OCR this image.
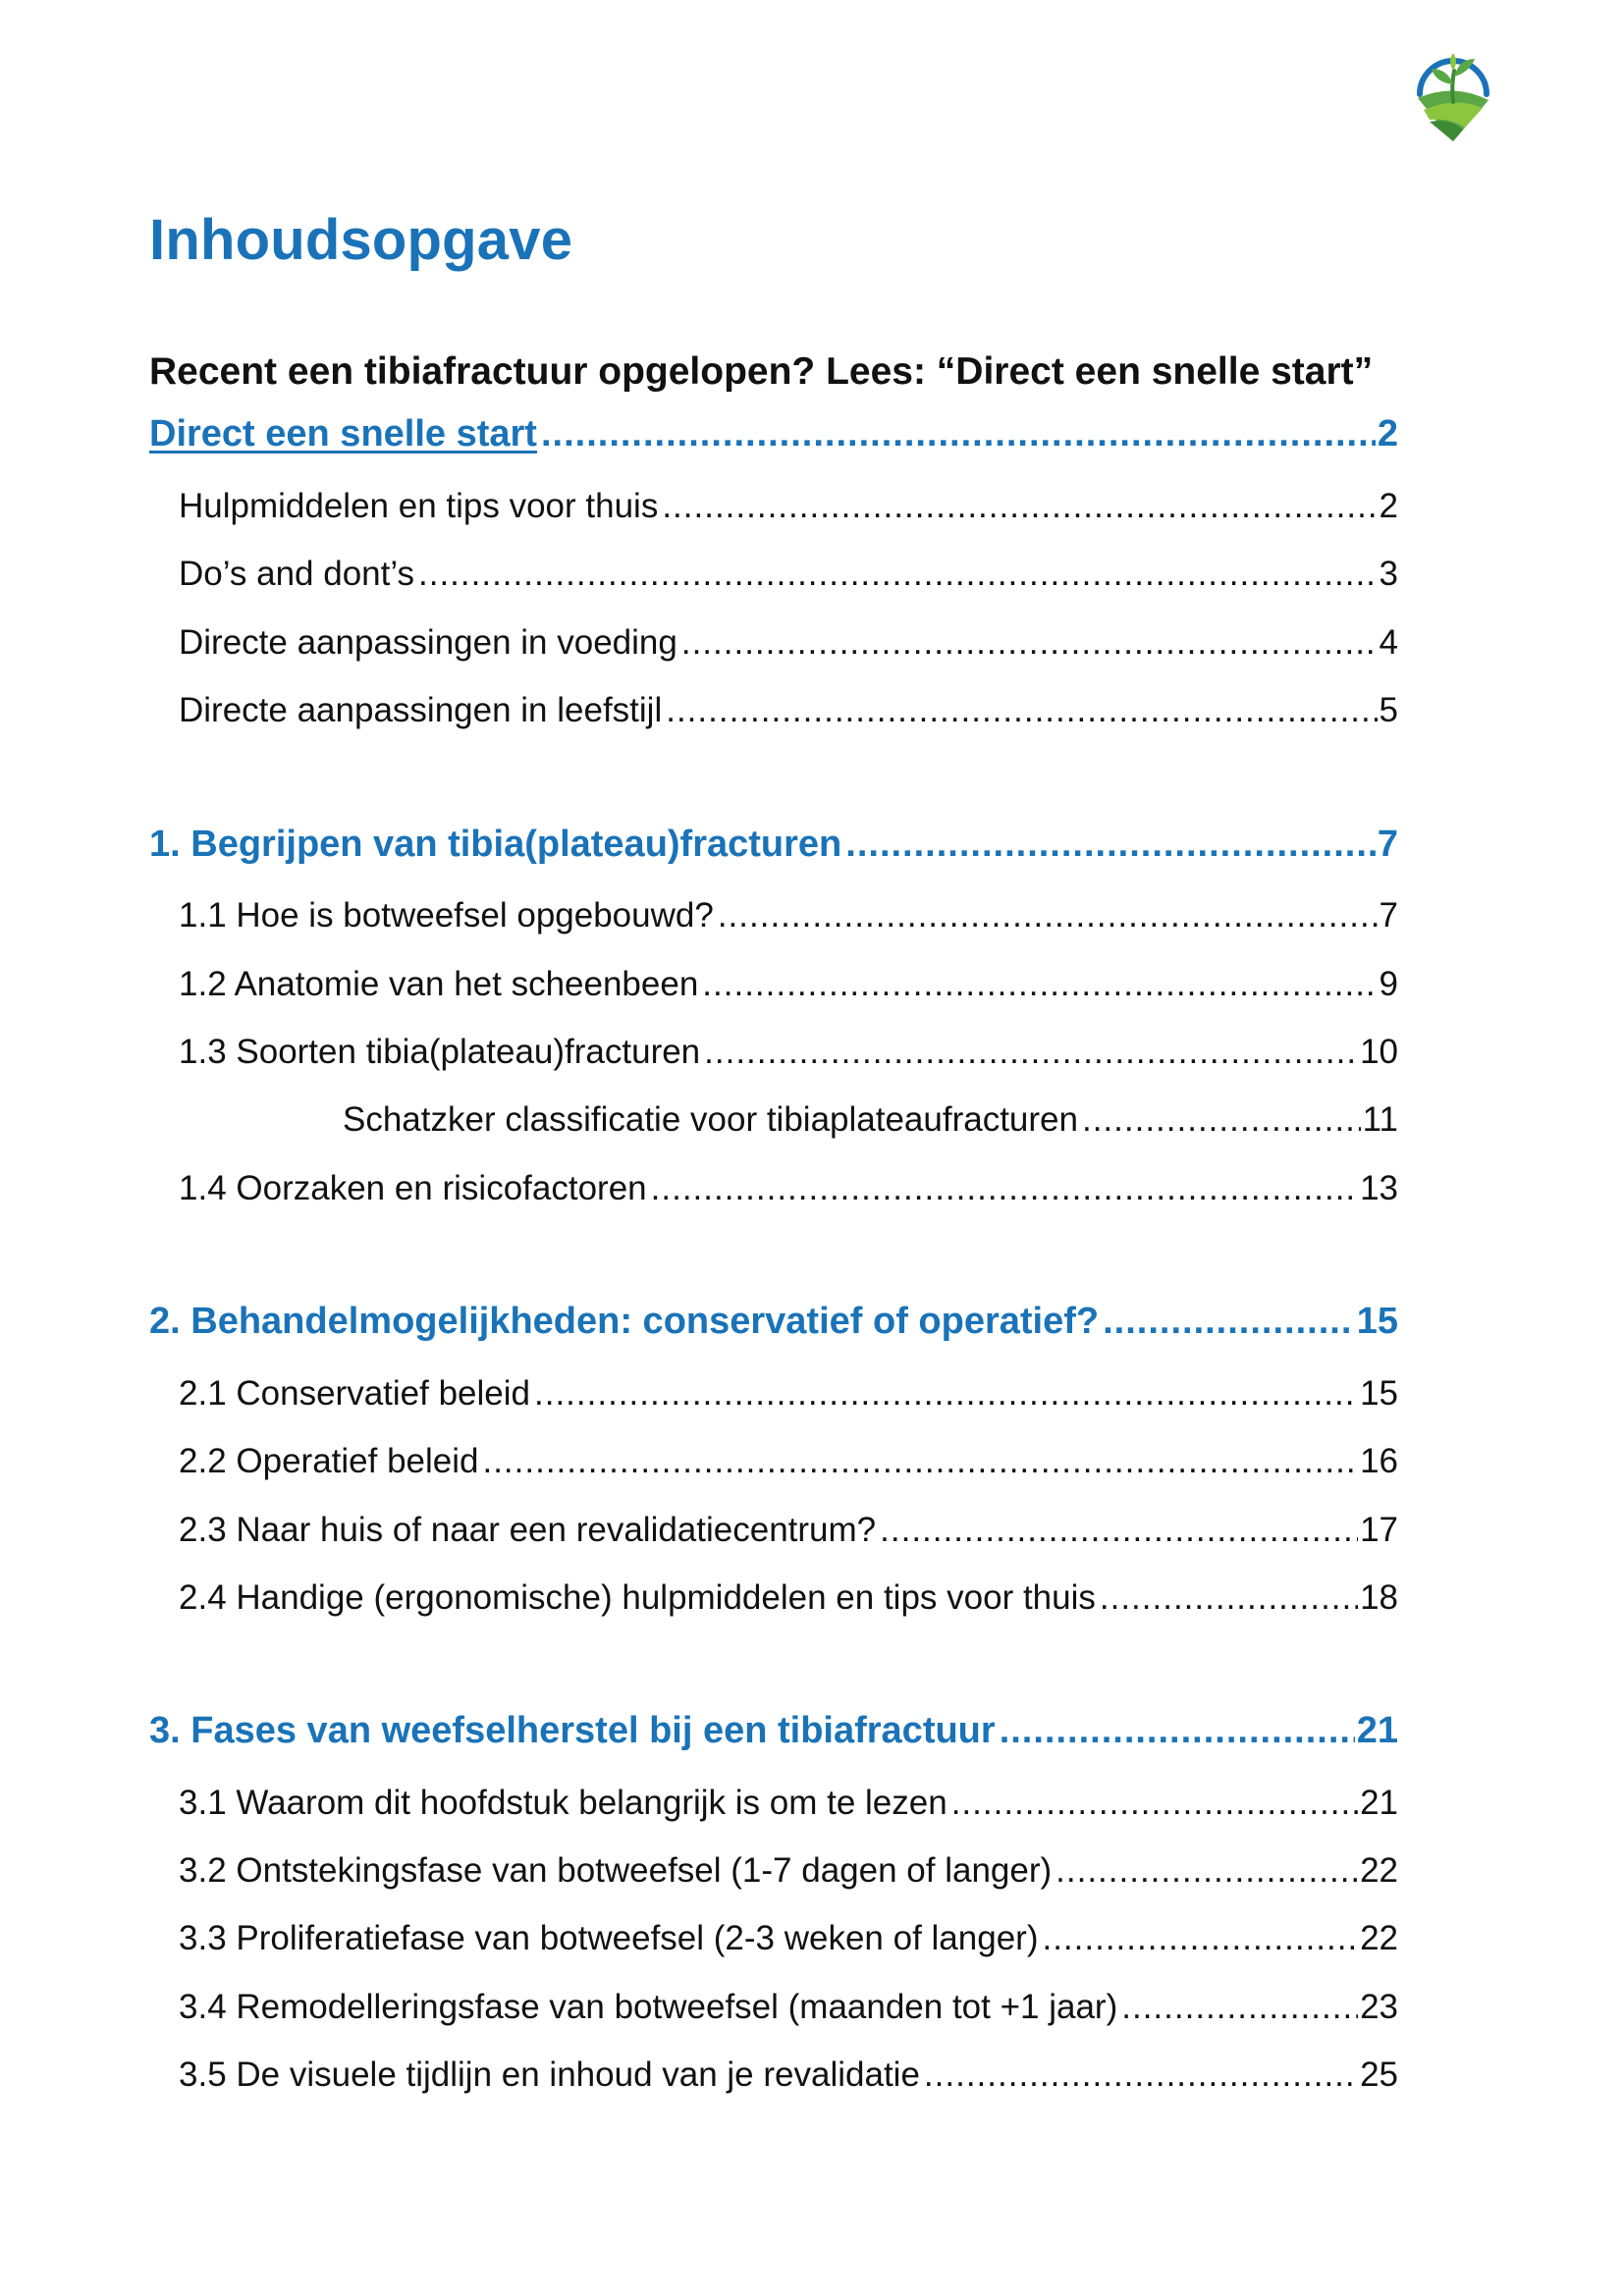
Inhoudsopgave

Recent een tibiafractuur opgelopen? Lees: “Direct een snelle start”

Direct een snelle start .....	2
Hulpmiddelen en tips voor thuis .....	2
Do’s and dont’s .....	3
Directe aanpassingen in voeding .....	4
Directe aanpassingen in leefstijl .....	5
1. Begrijpen van tibia(plateau)fracturen .....	7
1.1 Hoe is botweefsel opgebouwd? .....	7
1.2 Anatomie van het scheenbeen .....	9
1.3 Soorten tibia(plateau)fracturen .....	10
Schatzker classificatie voor tibiaplateaufracturen .....	11
1.4 Oorzaken en risicofactoren .....	13
2. Behandelmogelijkheden: conservatief of operatief? .....	15
2.1 Conservatief beleid .....	15
2.2 Operatief beleid .....	16
2.3 Naar huis of naar een revalidatiecentrum? .....	17
2.4 Handige (ergonomische) hulpmiddelen en tips voor thuis .....	18
3. Fases van weefselherstel bij een tibiafractuur .....	21
3.1 Waarom dit hoofdstuk belangrijk is om te lezen .....	21
3.2 Ontstekingsfase van botweefsel (1-7 dagen of langer) .....	22
3.3 Proliferatiefase van botweefsel (2-3 weken of langer) .....	22
3.4 Remodelleringsfase van botweefsel (maanden tot +1 jaar) .....	23
3.5 De visuele tijdlijn en inhoud van je revalidatie .....	25
